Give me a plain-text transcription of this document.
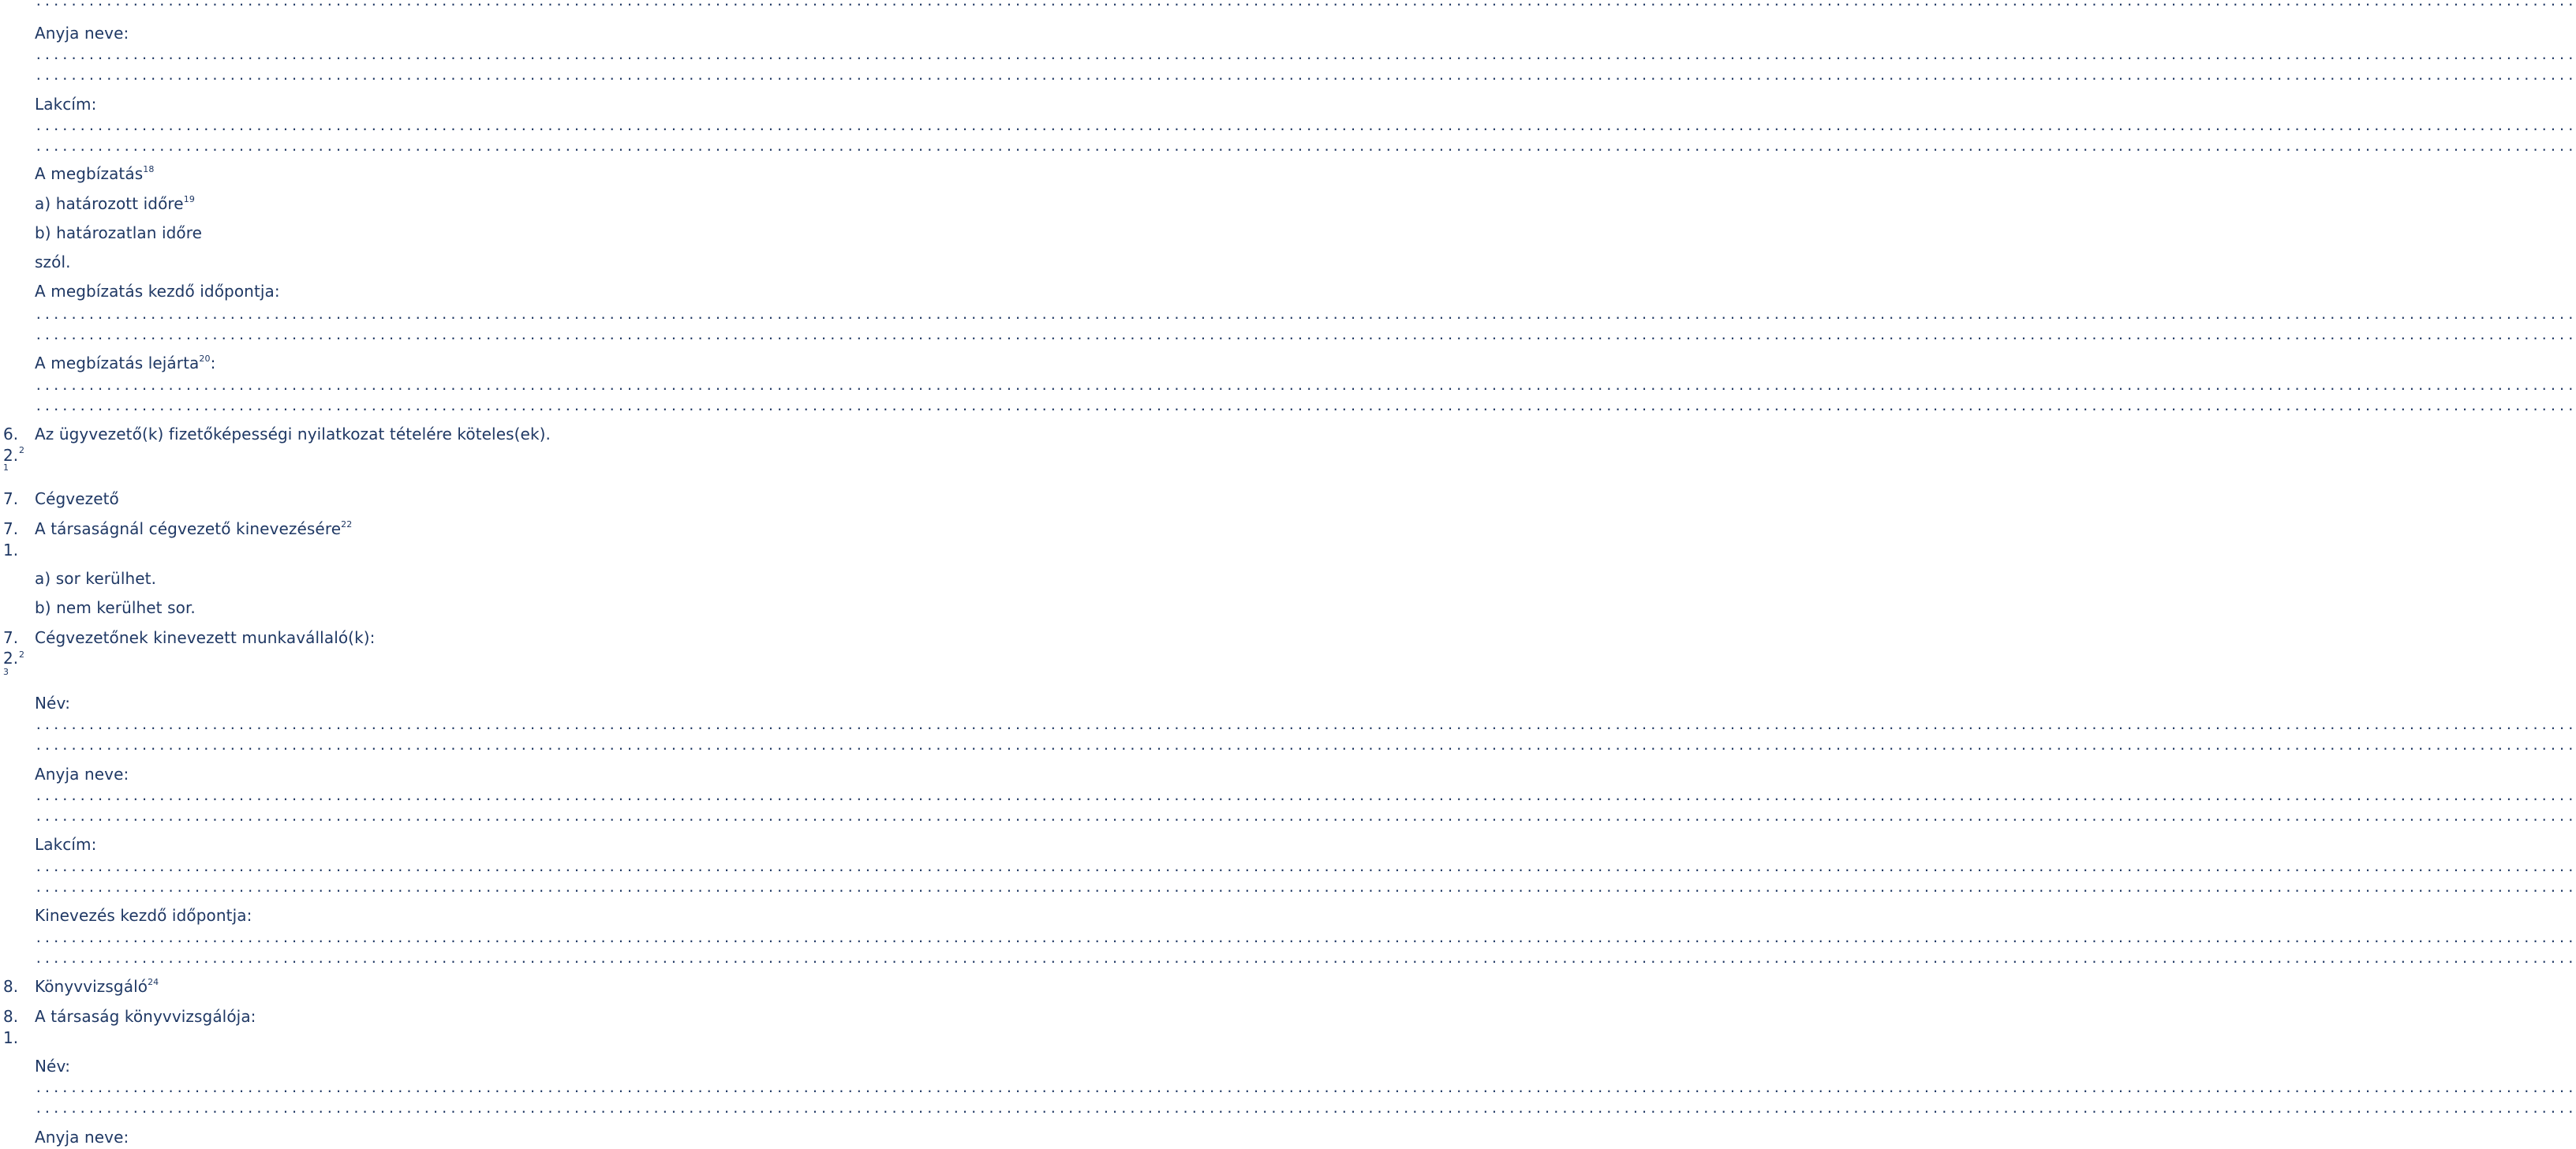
................................................................................................................................................................................................................................................................................................
Anyja neve:
................................................................................................................................................................................................................................................................................................
................................................................................................................................................................................................................................................................................................
Lakcím:
................................................................................................................................................................................................................................................................................................
................................................................................................................................................................................................................................................................................................
A megbízatás$^{18}$
a) határozott időre$^{19}$
b) határozatlan időre
szól.
A megbízatás kezdő időpontja:
................................................................................................................................................................................................................................................................................................
................................................................................................................................................................................................................................................................................................
A megbízatás lejárta$^{20}$:
................................................................................................................................................................................................................................................................................................
................................................................................................................................................................................................................................................................................................
6. Az ügyvezető(k) fizetőképességi nyilatkozat tételére köteles(ek).
2. 2
1
7. Cégvezető
7. A társaságnál cégvezető kinevezésére$^{22}$
1.
a) sor kerülhet.
b) nem kerülhet sor.
7. Cégvezetőnek kinevezett munkavállaló(k):
2. 2
3
Név:
................................................................................................................................................................................................................................................................................................
................................................................................................................................................................................................................................................................................................
Anyja neve:
................................................................................................................................................................................................................................................................................................
................................................................................................................................................................................................................................................................................................
Lakcím:
................................................................................................................................................................................................................................................................................................
................................................................................................................................................................................................................................................................................................
Kinevezés kezdő időpontja:
................................................................................................................................................................................................................................................................................................
................................................................................................................................................................................................................................................................................................
8. Könyvvizsgáló$^{24}$
8. A társaság könyvvizsgálója:
1.
Név:
................................................................................................................................................................................................................................................................................................
................................................................................................................................................................................................................................................................................................
Anyja neve:
